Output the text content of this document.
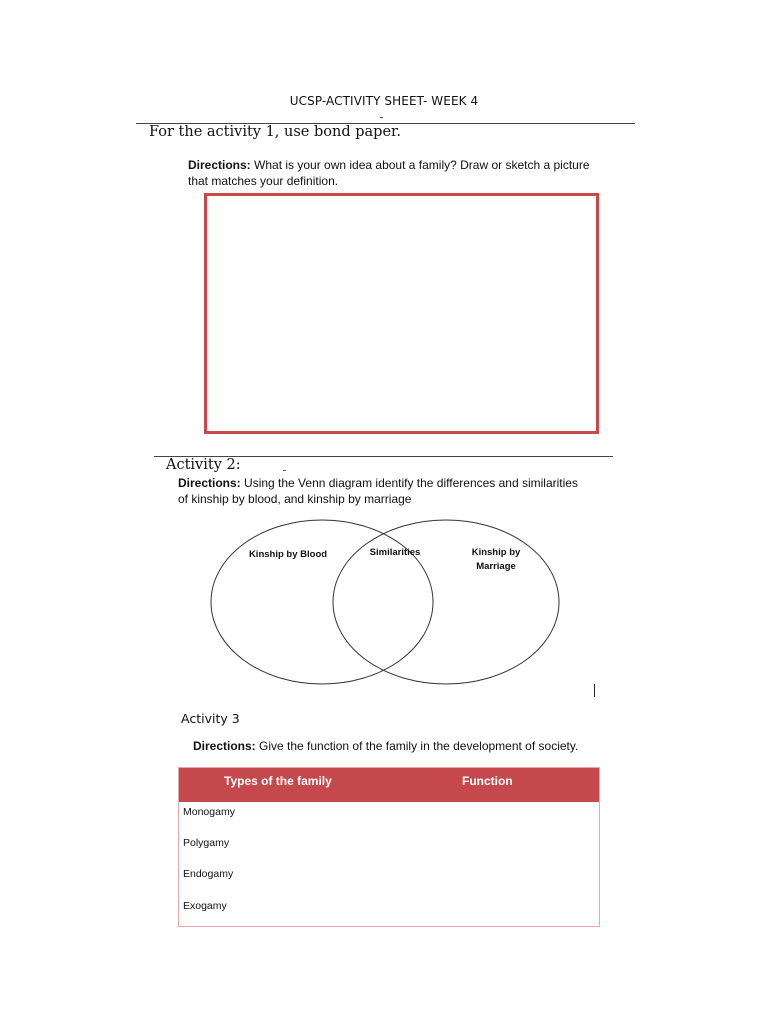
UCSP-ACTIVITY SHEET- WEEK 4
For the activity 1, use bond paper.
Directions: What is your own idea about a family? Draw or sketch a picture that matches your definition.
Activity 2:
Directions: Using the Venn diagram identify the differences and similarities of kinship by blood, and kinship by marriage
Kinship by Blood	Similarities	Kinship by
Marriage
Activity 3
Directions: Give the function of the family in the development of society.
Types of the family	Function
Monogamy
Polygamy
Endogamy
Exogamy
